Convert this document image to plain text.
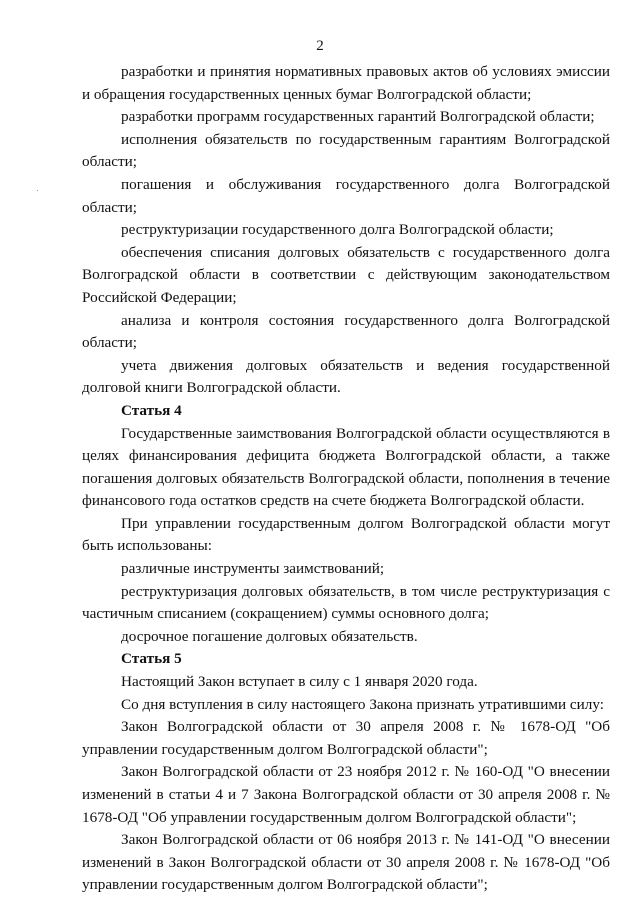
2

разработки и принятия нормативных правовых актов об условиях эмиссии и обращения государственных ценных бумаг Волгоградской области;

разработки программ государственных гарантий Волгоградской области;

исполнения обязательств по государственным гарантиям Волгоградской области;

погашения и обслуживания государственного долга Волгоградской области;

реструктуризации государственного долга Волгоградской области;

обеспечения списания долговых обязательств с государственного долга Волгоградской области в соответствии с действующим законодательством Российской Федерации;

анализа и контроля состояния государственного долга Волгоградской области;

учета движения долговых обязательств и ведения государственной долговой книги Волгоградской области.

Статья 4

Государственные заимствования Волгоградской области осуществляются в целях финансирования дефицита бюджета Волгоградской области, а также погашения долговых обязательств Волгоградской области, пополнения в течение финансового года остатков средств на счете бюджета Волгоградской области.

При управлении государственным долгом Волгоградской области могут быть использованы:

различные инструменты заимствований;

реструктуризация долговых обязательств, в том числе реструктуризация с частичным списанием (сокращением) суммы основного долга;

досрочное погашение долговых обязательств.

Статья 5

Настоящий Закон вступает в силу с 1 января 2020 года.

Со дня вступления в силу настоящего Закона признать утратившими силу:

Закон Волгоградской области от 30 апреля 2008 г. № 1678-ОД "Об управлении государственным долгом Волгоградской области";

Закон Волгоградской области от 23 ноября 2012 г. № 160-ОД "О внесении изменений в статьи 4 и 7 Закона Волгоградской области от 30 апреля 2008 г. № 1678-ОД "Об управлении государственным долгом Волгоградской области";

Закон Волгоградской области от 06 ноября 2013 г. № 141-ОД "О внесении изменений в Закон Волгоградской области от 30 апреля 2008 г. № 1678-ОД "Об управлении государственным долгом Волгоградской области";
